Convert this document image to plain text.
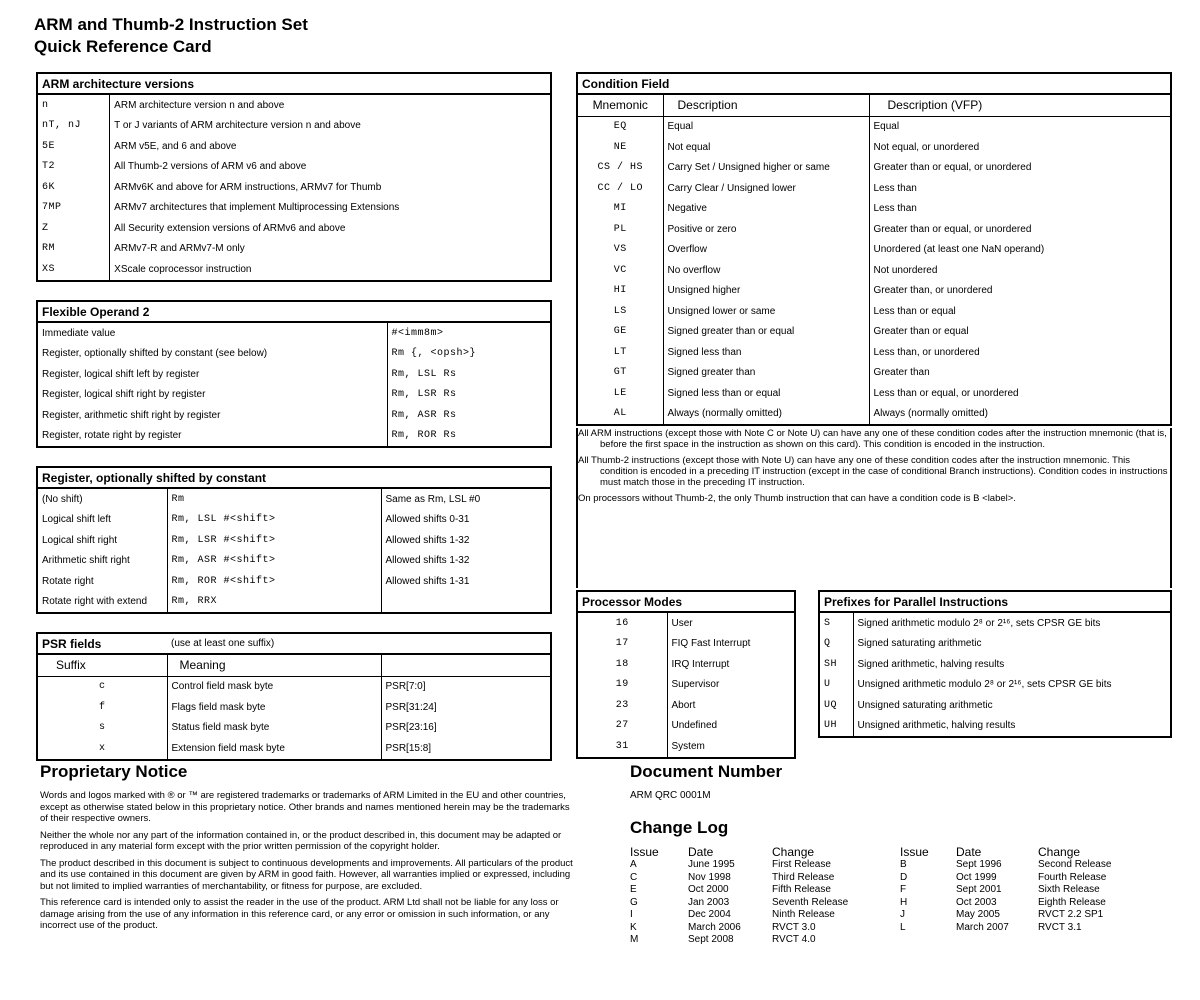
ARM and Thumb-2 Instruction Set
Quick Reference Card
ARM architecture versions	
n	ARM architecture version n and above
nT, nJ	T or J variants of ARM architecture version n and above
5E	ARM v5E, and 6 and above
T2	All Thumb-2 versions of ARM v6 and above
6K	ARMv6K and above for ARM instructions, ARMv7 for Thumb
7MP	ARMv7 architectures that implement Multiprocessing Extensions
Z	All Security extension versions of ARMv6 and above
RM	ARMv7-R and ARMv7-M only
XS	XScale coprocessor instruction
Flexible Operand 2	
Immediate value	#<imm8m>
Register, optionally shifted by constant (see below)	Rm {, <opsh>}
Register, logical shift left by register	Rm, LSL Rs
Register, logical shift right by register	Rm, LSR Rs
Register, arithmetic shift right by register	Rm, ASR Rs
Register, rotate right by register	Rm, ROR Rs
Register, optionally shifted by constant		
(No shift)	Rm	Same as Rm, LSL #0
Logical shift left	Rm, LSL #<shift>	Allowed shifts 0-31
Logical shift right	Rm, LSR #<shift>	Allowed shifts 1-32
Arithmetic shift right	Rm, ASR #<shift>	Allowed shifts 1-32
Rotate right	Rm, ROR #<shift>	Allowed shifts 1-31
Rotate right with extend	Rm, RRX	
PSR fields	(use at least one suffix)	
Suffix	Meaning	
c	Control field mask byte	PSR[7:0]
f	Flags field mask byte	PSR[31:24]
s	Status field mask byte	PSR[23:16]
x	Extension field mask byte	PSR[15:8]
Condition Field		
Mnemonic	Description	Description (VFP)
EQ	Equal	Equal
NE	Not equal	Not equal, or unordered
CS / HS	Carry Set / Unsigned higher or same	Greater than or equal, or unordered
CC / LO	Carry Clear / Unsigned lower	Less than
MI	Negative	Less than
PL	Positive or zero	Greater than or equal, or unordered
VS	Overflow	Unordered (at least one NaN operand)
VC	No overflow	Not unordered
HI	Unsigned higher	Greater than, or unordered
LS	Unsigned lower or same	Less than or equal
GE	Signed greater than or equal	Greater than or equal
LT	Signed less than	Less than, or unordered
GT	Signed greater than	Greater than
LE	Signed less than or equal	Less than or equal, or unordered
AL	Always (normally omitted)	Always (normally omitted)

All ARM instructions (except those with Note C or Note U) can have any one of these condition codes after the instruction mnemonic (that is, before the first space in the instruction as shown on this card). This condition is encoded in the instruction.

All Thumb-2 instructions (except those with Note U) can have any one of these condition codes after the instruction mnemonic. This condition is encoded in a preceding IT instruction (except in the case of conditional Branch instructions). Condition codes in instructions must match those in the preceding IT instruction.

On processors without Thumb-2, the only Thumb instruction that can have a condition code is B <label>.

Processor Modes	
16	User
17	FIQ Fast Interrupt
18	IRQ Interrupt
19	Supervisor
23	Abort
27	Undefined
31	System
Prefixes for Parallel Instructions	
S	Signed arithmetic modulo 2⁸ or 2¹⁶, sets CPSR GE bits
Q	Signed saturating arithmetic
SH	Signed arithmetic, halving results
U	Unsigned arithmetic modulo 2⁸ or 2¹⁶, sets CPSR GE bits
UQ	Unsigned saturating arithmetic
UH	Unsigned arithmetic, halving results
Proprietary Notice

Words and logos marked with ® or ™ are registered trademarks or trademarks of ARM Limited in the EU and other countries, except as otherwise stated below in this proprietary notice. Other brands and names mentioned herein may be the trademarks of their respective owners.

Neither the whole nor any part of the information contained in, or the product described in, this document may be adapted or reproduced in any material form except with the prior written permission of the copyright holder.

The product described in this document is subject to continuous developments and improvements. All particulars of the product and its use contained in this document are given by ARM in good faith. However, all warranties implied or expressed, including but not limited to implied warranties of merchantability, or fitness for purpose, are excluded.

This reference card is intended only to assist the reader in the use of the product. ARM Ltd shall not be liable for any loss or damage arising from the use of any information in this reference card, or any error or omission in such information, or any incorrect use of the product.

Document Number
ARM QRC 0001M
Change Log
Issue	Date	Change	Issue	Date	Change
A	June 1995	First Release	B	Sept 1996	Second Release
C	Nov 1998	Third Release	D	Oct 1999	Fourth Release
E	Oct 2000	Fifth Release	F	Sept 2001	Sixth Release
G	Jan 2003	Seventh Release	H	Oct 2003	Eighth Release
I	Dec 2004	Ninth Release	J	May 2005	RVCT 2.2 SP1
K	March 2006	RVCT 3.0	L	March 2007	RVCT 3.1
M	Sept 2008	RVCT 4.0			
